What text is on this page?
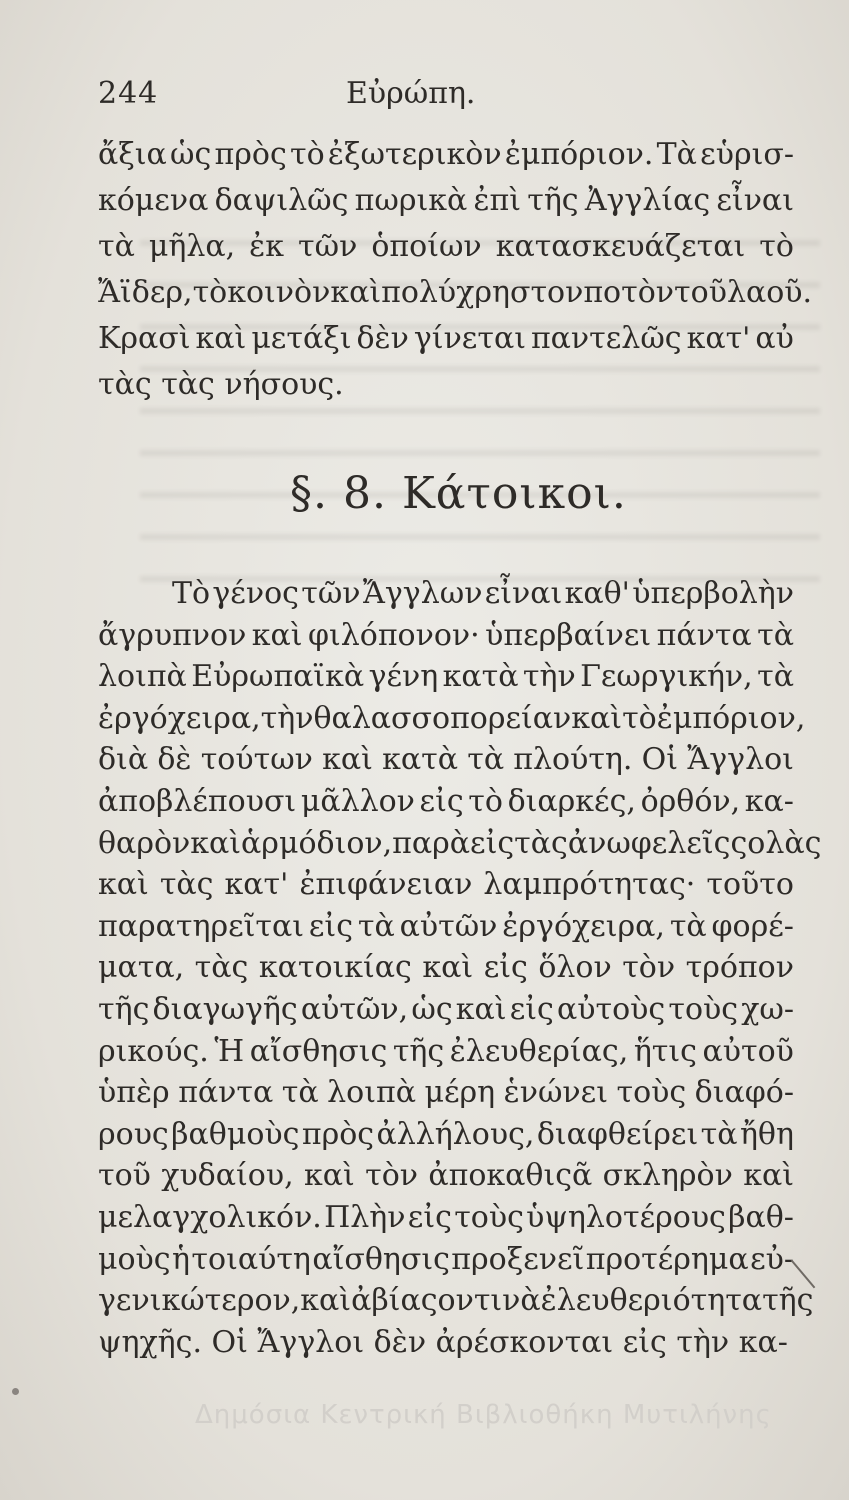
244	Εὐρώπη.
ἄξια ὡς πρὸς τὸ ἐξωτερικὸν ἐμπόριον. Τὰ εὑρισ-
κόμενα δαψιλῶς πωρικὰ ἐπὶ τῆς Ἀγγλίας εἶναι
τὰ μῆλα, ἐκ τῶν ὁποίων κατασκευάζεται τὸ
Ἄϊδερ, τὸ κοινὸν καὶ πολύχρηστον ποτὸν τοῦ λαοῦ.
Κρασὶ καὶ μετάξι δὲν γίνεται παντελῶς κατ' αὐ
τὰς τὰς νήσους.
§. 8. Κάτοικοι.
Τὸ γένος τῶν Ἄγγλων εἶναι καθ' ὑπερβολὴν
ἄγρυπνον καὶ φιλόπονον· ὑπερβαίνει πάντα τὰ
λοιπὰ Εὐρωπαϊκὰ γένη κατὰ τὴν Γεωργικήν, τὰ
ἐργόχειρα, τὴν θαλασσοπορείαν καὶ τὸ ἐμπόριον,
διὰ δὲ τούτων καὶ κατὰ τὰ πλούτη. Οἱ Ἄγγλοι
ἀποβλέπουσι μᾶλλον εἰς τὸ διαρκές, ὀρθόν, κα-
θαρὸν καὶ ἁρμόδιον, παρὰ εἰς τὰς ἀνωφελεῖς ςολὰς
καὶ τὰς κατ' ἐπιφάνειαν λαμπρότητας· τοῦτο
παρατηρεῖται εἰς τὰ αὐτῶν ἐργόχειρα, τὰ φορέ-
ματα, τὰς κατοικίας καὶ εἰς ὅλον τὸν τρόπον
τῆς διαγωγῆς αὐτῶν, ὡς καὶ εἰς αὐτοὺς τοὺς χω-
ρικούς. Ἡ αἴσθησις τῆς ἐλευθερίας, ἥτις αὐτοῦ
ὑπὲρ πάντα τὰ λοιπὰ μέρη ἑνώνει τοὺς διαφό-
ρους βαθμοὺς πρὸς ἀλλήλους, διαφθείρει τὰ ἤθη
τοῦ χυδαίου, καὶ τὸν ἀποκαθιςᾶ σκληρὸν καὶ
μελαγχολικόν. Πλὴν εἰς τοὺς ὑψηλοτέρους βαθ-
μοὺς ἡ τοιαύτη αἴσθησις προξενεῖ προτέρημα εὐ-
γενικώτερον, καὶ ἀβίαςον τινὰ ἐλευθεριότητα τῆς
ψηχῆς. Οἱ Ἄγγλοι δὲν ἀρέσκονται εἰς τὴν κα-
Δημόσια Κεντρική Βιβλιοθήκη Μυτιλήνης
